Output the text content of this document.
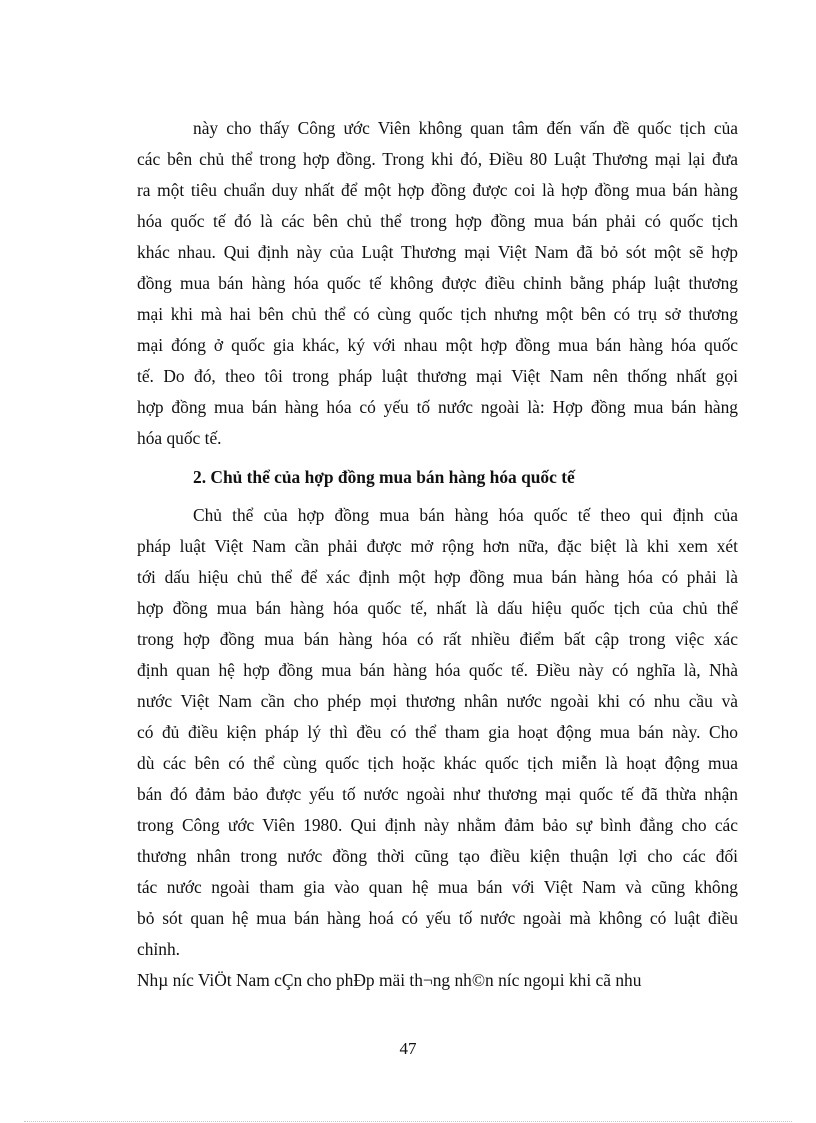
này cho thấy Công ước Viên không quan tâm đến vấn đề quốc tịch của
các bên chủ thể trong hợp đồng. Trong khi đó, Điều 80 Luật Thương mại lại đưa
ra một tiêu chuẩn duy nhất để một hợp đồng được coi là hợp đồng mua bán hàng
hóa quốc tế đó là các bên chủ thể trong hợp đồng mua bán phải có quốc tịch
khác nhau. Qui định này của Luật Thương mại Việt Nam đã bỏ sót một sẽ hợp
đồng mua bán hàng hóa quốc tế không được điều chỉnh bằng pháp luật thương
mại khi mà hai bên chủ thể có cùng quốc tịch nhưng một bên có trụ sở thương
mại đóng ở quốc gia khác, ký với nhau một hợp đồng mua bán hàng hóa quốc
tế. Do đó, theo tôi trong pháp luật thương mại Việt Nam nên thống nhất gọi
hợp đồng mua bán hàng hóa có yếu tố nước ngoài là: Hợp đồng mua bán hàng
hóa quốc tế.
2. Chủ thể của hợp đồng mua bán hàng hóa quốc tế
Chủ thể của hợp đồng mua bán hàng hóa quốc tế theo qui định của
pháp luật Việt Nam cần phải được mở rộng hơn nữa, đặc biệt là khi xem xét
tới dấu hiệu chủ thể để xác định một hợp đồng mua bán hàng hóa có phải là
hợp đồng mua bán hàng hóa quốc tế, nhất là dấu hiệu quốc tịch của chủ thể
trong hợp đồng mua bán hàng hóa có rất nhiều điểm bất cập trong việc xác
định quan hệ hợp đồng mua bán hàng hóa quốc tế. Điều này có nghĩa là, Nhà
nước Việt Nam cần cho phép mọi thương nhân nước ngoài khi có nhu cầu và
có đủ điều kiện pháp lý thì đều có thể tham gia hoạt động mua bán này. Cho
dù các bên có thể cùng quốc tịch hoặc khác quốc tịch miễn là hoạt động mua
bán đó đảm bảo được yếu tố nước ngoài như thương mại quốc tế đã thừa nhận
trong Công ước Viên 1980. Qui định này nhằm đảm bảo sự bình đẳng cho các
thương nhân trong nước đồng thời cũng tạo điều kiện thuận lợi cho các đối
tác nước ngoài tham gia vào quan hệ mua bán với Việt Nam và cũng không
bỏ sót quan hệ mua bán hàng hoá có yếu tố nước ngoài mà không có luật điều
chỉnh.
Nhµ níc ViÖt Nam cÇn cho phÐp mäi th¬ng nh©n níc ngoµi khi cã nhu
47
